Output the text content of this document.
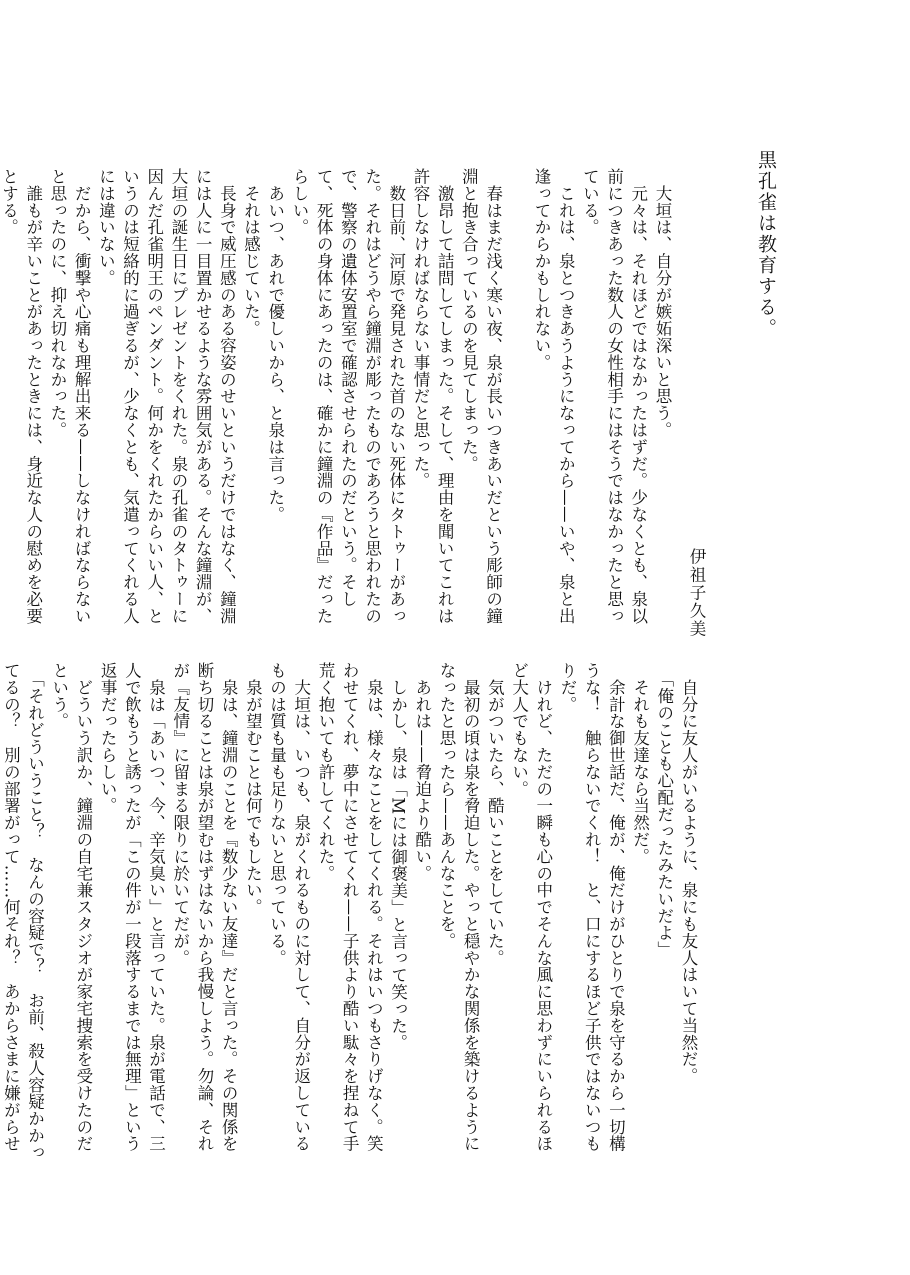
黒孔雀は教育する。
伊祖子久美

　大垣は、自分が嫉妬深いと思う。

　元々は、それほどではなかったはずだ。少なくとも、泉以前につきあった数人の女性相手にはそうではなかったと思っている。

　これは、泉とつきあうようになってから——いや、泉と出逢ってからかもしれない。

　春はまだ浅く寒い夜、泉が長いつきあいだという彫師の鐘淵と抱き合っているのを見てしまった。

　激昂して詰問してしまった。そして、理由を聞いてこれは許容しなければならない事情だと思った。

　数日前、河原で発見された首のない死体にタトゥーがあった。それはどうやら鐘淵が彫ったものであろうと思われたので、警察の遺体安置室で確認させられたのだという。そして、死体の身体にあったのは、確かに鐘淵の『作品』だったらしい。

　あいつ、あれで優しいから、と泉は言った。

　それは感じていた。

　長身で威圧感のある容姿のせいというだけではなく、鐘淵には人に一目置かせるような雰囲気がある。そんな鐘淵が、大垣の誕生日にプレゼントをくれた。泉の孔雀のタトゥーに因んだ孔雀明王のペンダント。何かをくれたからいい人、というのは短絡的に過ぎるが、少なくとも、気遣ってくれる人には違いない。

　だから、衝撃や心痛も理解出来る——しなければならないと思ったのに、抑え切れなかった。

　誰もが辛いことがあったときには、身近な人の慰めを必要とする。

　自分に友人がいるように、泉にも友人はいて当然だ。

　「俺のことも心配だったみたいだよ」

　それも友達なら当然だ。

　余計な御世話だ、俺が、俺だけがひとりで泉を守るから一切構うな！　触らないでくれ！　と、口にするほど子供ではないつもりだ。

　けれど、ただの一瞬も心の中でそんな風に思わずにいられるほど大人でもない。

　気がついたら、酷いことをしていた。

　最初の頃は泉を脅迫した。やっと穏やかな関係を築けるようになったと思ったら——あんなことを。

　あれは——脅迫より酷い。

　しかし、泉は「Mには御褒美」と言って笑った。

　泉は、様々なことをしてくれる。それはいつもさりげなく。笑わせてくれ、夢中にさせてくれ——子供より酷い駄々を捏ねて手荒く抱いても許してくれた。

　大垣は、いつも、泉がくれるものに対して、自分が返しているものは質も量も足りないと思っている。

　泉が望むことは何でもしたい。

　泉は、鐘淵のことを『数少ない友達』だと言った。その関係を断ち切ることは泉が望むはずはないから我慢しよう。勿論、それが『友情』に留まる限りに於いてだが。

　泉は「あいつ、今、辛気臭い」と言っていた。泉が電話で、三人で飲もうと誘ったが「この件が一段落するまでは無理」という返事だったらしい。

　どういう訳か、鐘淵の自宅兼スタジオが家宅捜索を受けたのだという。

　「それどういうこと？　なんの容疑で？　お前、殺人容疑かかってるの？　別の部署がって……何それ？　あからさまに嫌がらせ　
